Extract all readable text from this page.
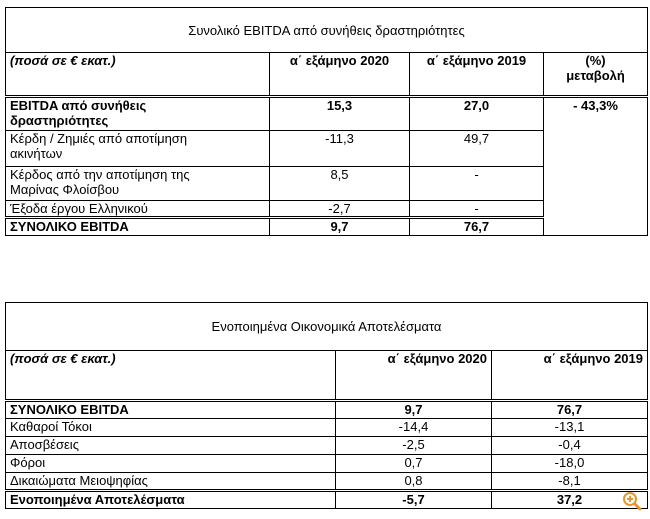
Συνολικό EBITDA από συνήθεις δραστηριότητες			
(ποσά σε € εκατ.)	α΄ εξάμηνο 2020	α΄ εξάμηνο 2019	(%)
μεταβολή

EBITDA από συνήθεις
δραστηριότητες	15,3	27,0	- 43,3%

Κέρδη / Ζημιές από αποτίμηση
ακινήτων	-11,3	49,7	

Κέρδος από την αποτίμηση της
Μαρίνας Φλοίσβου	8,5	-	
Έξοδα έργου Ελληνικού	-2,7	-	
ΣΥΝΟΛΙΚΟ EBITDA	9,7	76,7	
Ενοποιημένα Οικονομικά Αποτελέσματα		
(ποσά σε € εκατ.)	α΄ εξάμηνο 2020	α΄ εξάμηνο 2019
ΣΥΝΟΛΙΚΟ EBITDA	9,7	76,7
Καθαροί Τόκοι	-14,4	-13,1
Αποσβέσεις	-2,5	-0,4
Φόροι	0,7	-18,0
Δικαιώματα Μειοψηφίας	0,8	-8,1
Ενοποιημένα Αποτελέσματα	-5,7	37,2
